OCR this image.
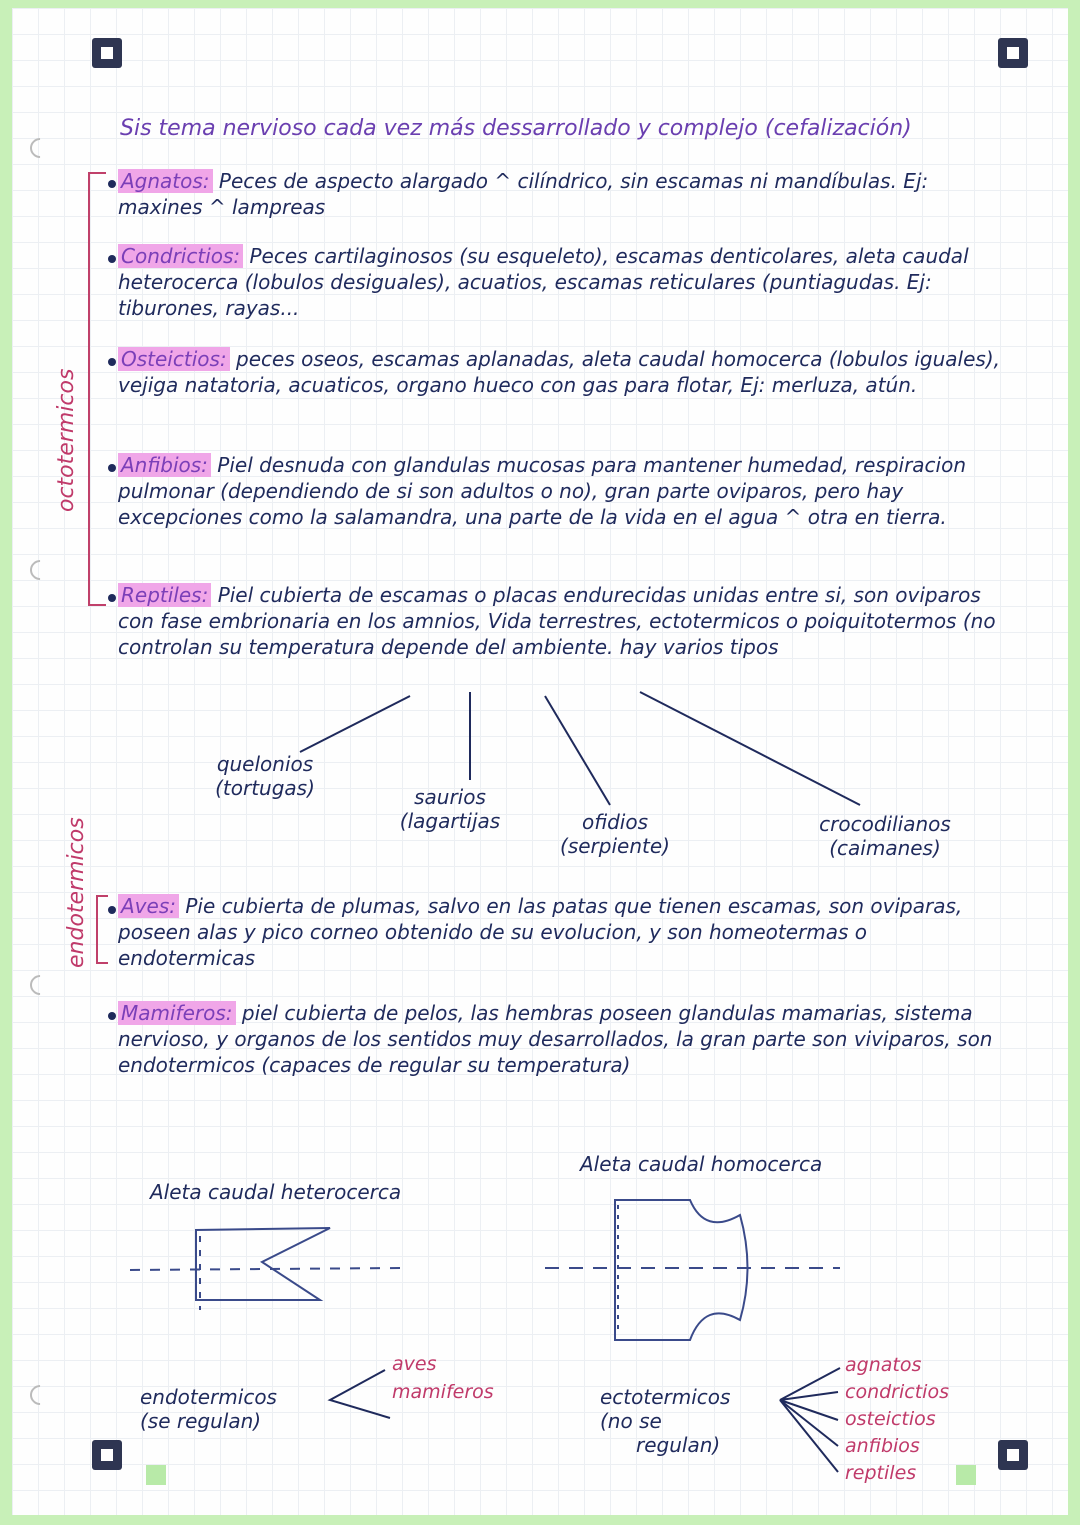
Sis tema nervioso cada vez más dessarrollado y complejo (cefalización)
octotermicos
endotermicos
Agnatos: Peces de aspecto alargado ^ cilíndrico, sin escamas ni mandíbulas. Ej: maxines ^ lampreas
Condrictios: Peces cartilaginosos (su esqueleto), escamas denticolares, aleta caudal heterocerca (lobulos desiguales), acuatios, escamas reticulares (puntiagudas. Ej: tiburones, rayas...
Osteictios: peces oseos, escamas aplanadas, aleta caudal homocerca (lobulos iguales), vejiga natatoria, acuaticos, organo hueco con gas para flotar, Ej: merluza, atún.
Anfibios: Piel desnuda con glandulas mucosas para mantener humedad, respiracion pulmonar (dependiendo de si son adultos o no), gran parte oviparos, pero hay excepciones como la salamandra, una parte de la vida en el agua ^ otra en tierra.
Reptiles: Piel cubierta de escamas o placas endurecidas unidas entre si, son oviparos con fase embrionaria en los amnios, Vida terrestres, ectotermicos o poiquitotermos (no controlan su temperatura depende del ambiente. hay varios tipos
quelonios
(tortugas)	saurios
(lagartijas	ofidios
(serpiente)
crocodilianos
(caimanes)
Aves: Pie cubierta de plumas, salvo en las patas que tienen escamas, son oviparas, poseen alas y pico corneo obtenido de su evolucion, y son homeotermas o endotermicas
Mamiferos: piel cubierta de pelos, las hembras poseen glandulas mamarias, sistema nervioso, y organos de los sentidos muy desarrollados, la gran parte son viviparos, son endotermicos (capaces de regular su temperatura)
Aleta caudal heterocerca
Aleta caudal homocerca
endotermicos
(se regulan)
aves
mamiferos	ectotermicos
(no se
regulan)
agnatos
condrictios
osteictios
anfibios
reptiles
